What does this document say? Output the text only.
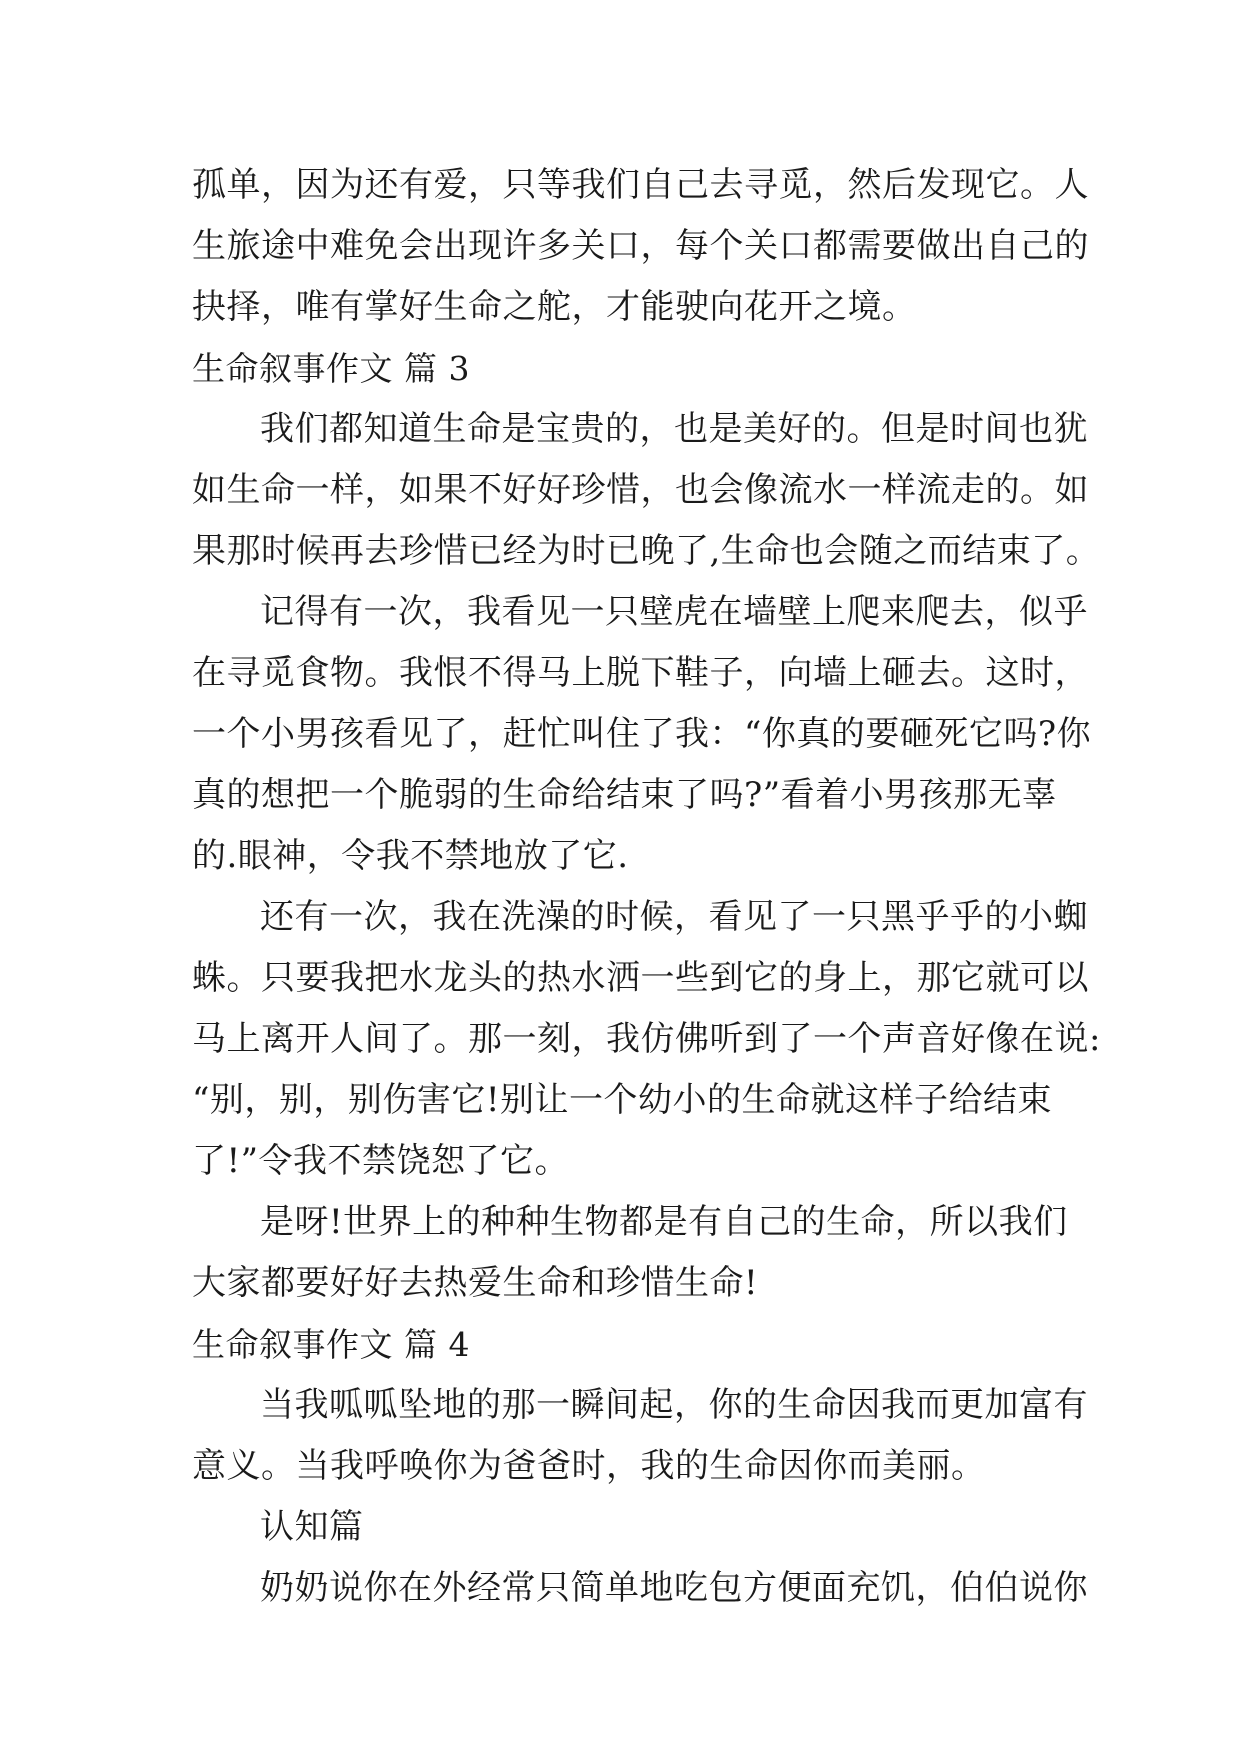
孤单，因为还有爱，只等我们自己去寻觅，然后发现它。人
生旅途中难免会出现许多关口，每个关口都需要做出自己的
抉择，唯有掌好生命之舵，才能驶向花开之境。
生命叙事作文 篇 3
我们都知道生命是宝贵的，也是美好的。但是时间也犹
如生命一样，如果不好好珍惜，也会像流水一样流走的。如
果那时候再去珍惜已经为时已晚了,生命也会随之而结束了。
记得有一次，我看见一只壁虎在墙壁上爬来爬去，似乎
在寻觅食物。我恨不得马上脱下鞋子，向墙上砸去。这时，
一个小男孩看见了，赶忙叫住了我：“你真的要砸死它吗?你
真的想把一个脆弱的生命给结束了吗?”看着小男孩那无辜
的.眼神，令我不禁地放了它.
还有一次，我在洗澡的时候，看见了一只黑乎乎的小蜘
蛛。只要我把水龙头的热水洒一些到它的身上，那它就可以
马上离开人间了。那一刻，我仿佛听到了一个声音好像在说:
“别，别，别伤害它!别让一个幼小的生命就这样子给结束
了!”令我不禁饶恕了它。
是呀!世界上的种种生物都是有自己的生命，所以我们
大家都要好好去热爱生命和珍惜生命!
生命叙事作文 篇 4
当我呱呱坠地的那一瞬间起，你的生命因我而更加富有
意义。当我呼唤你为爸爸时，我的生命因你而美丽。
认知篇
奶奶说你在外经常只简单地吃包方便面充饥，伯伯说你
